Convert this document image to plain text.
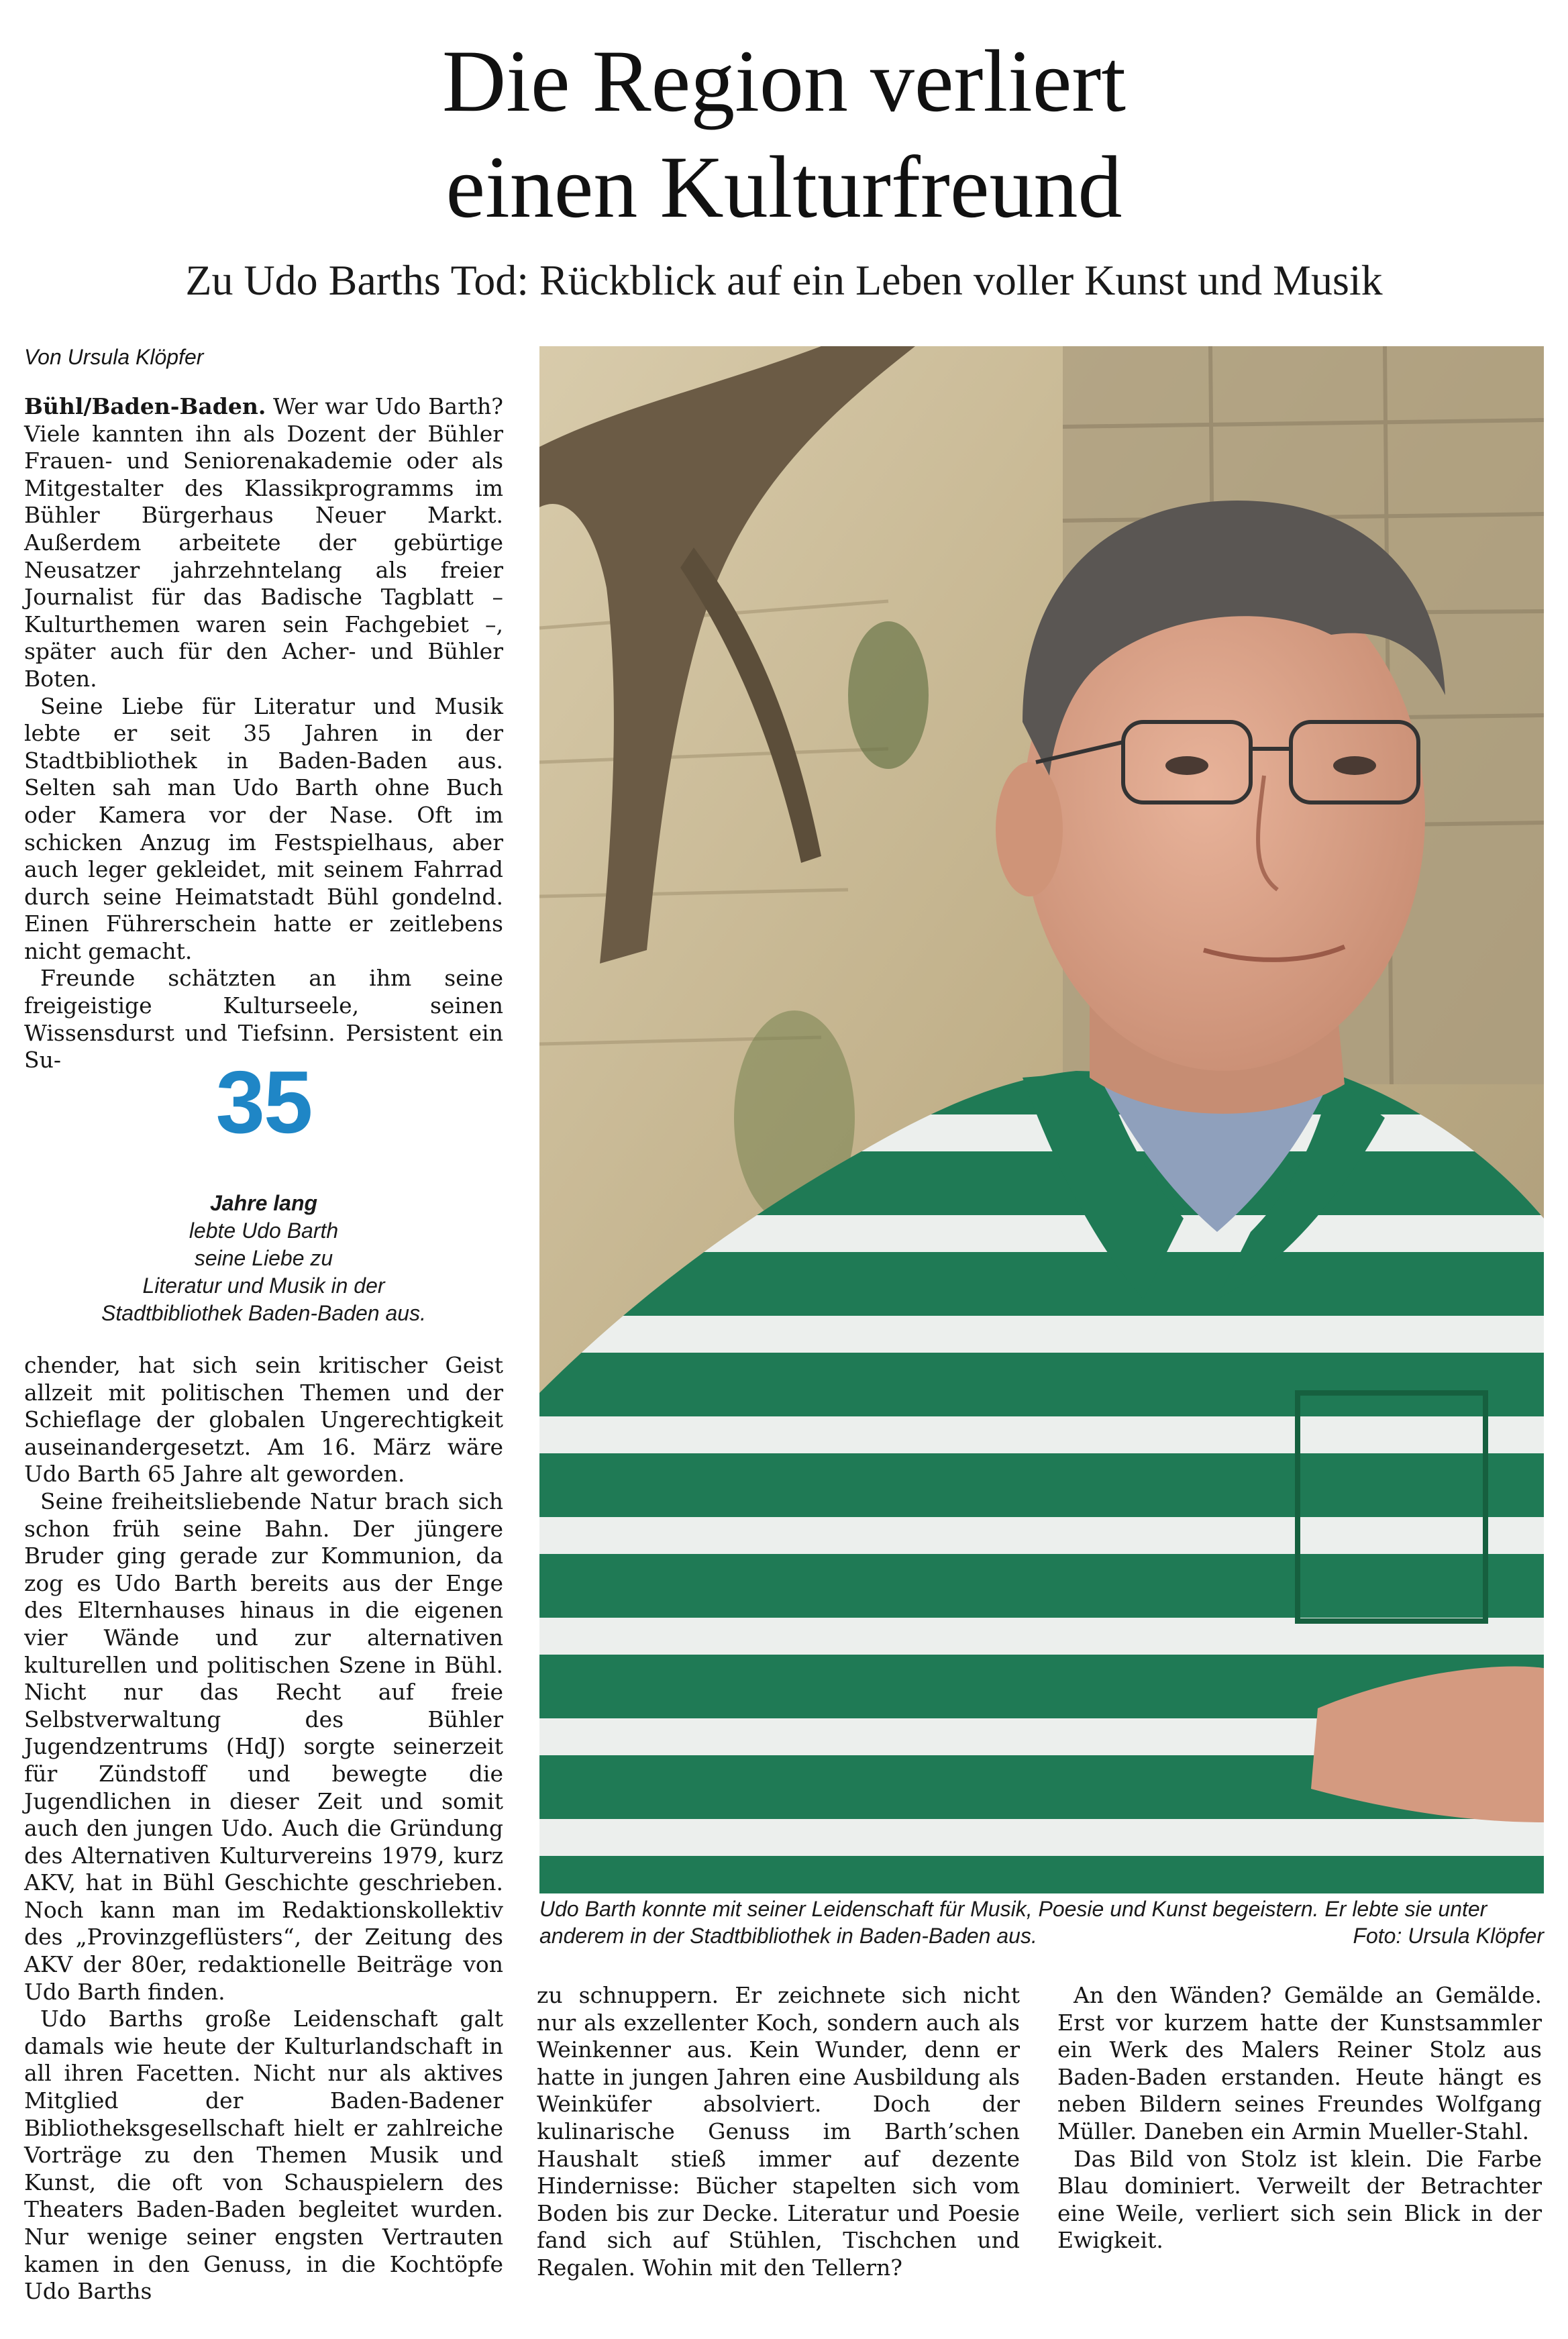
Die Region verliert
einen Kulturfreund
Zu Udo Barths Tod: Rückblick auf ein Leben voller Kunst und Musik
Von Ursula Klöpfer

Bühl/Baden-Baden. Wer war Udo Barth? Viele kannten ihn als Dozent der Bühler Frauen- und Seniorenakademie oder als Mitgestalter des Klassikprogramms im Bühler Bürgerhaus Neuer Markt. Außerdem arbeitete der gebürtige Neusatzer jahrzehntelang als freier Journalist für das Badische Tagblatt – Kulturthemen waren sein Fachgebiet –, später auch für den Acher- und Bühler Boten.

Seine Liebe für Literatur und Musik lebte er seit 35 Jahren in der Stadtbibliothek in Baden-Baden aus. Selten sah man Udo Barth ohne Buch oder Kamera vor der Nase. Oft im schicken Anzug im Festspielhaus, aber auch leger gekleidet, mit seinem Fahrrad durch seine Heimatstadt Bühl gondelnd. Einen Führerschein hatte er zeitlebens nicht gemacht.

Freunde schätzten an ihm seine freigeistige Kulturseele, seinen Wissensdurst und Tiefsinn. Persistent ein Su-	35
Jahre lang
lebte Udo Barth
seine Liebe zu
Literatur und Musik in der
Stadtbibliothek Baden-Baden aus.

chender, hat sich sein kritischer Geist allzeit mit politischen Themen und der Schieflage der globalen Ungerechtigkeit auseinandergesetzt. Am 16. März wäre Udo Barth 65 Jahre alt geworden.

Seine freiheitsliebende Natur brach sich schon früh seine Bahn. Der jüngere Bruder ging gerade zur Kommunion, da zog es Udo Barth bereits aus der Enge des Elternhauses hinaus in die eigenen vier Wände und zur alternativen kulturellen und politischen Szene in Bühl. Nicht nur das Recht auf freie Selbstverwaltung des Bühler Jugendzentrums (HdJ) sorgte seinerzeit für Zündstoff und bewegte die Jugendlichen in dieser Zeit und somit auch den jungen Udo. Auch die Gründung des Alternativen Kulturvereins 1979, kurz AKV, hat in Bühl Geschichte geschrieben. Noch kann man im Redaktionskollektiv des „Provinzgeflüsters“, der Zeitung des AKV der 80er, redaktionelle Beiträge von Udo Barth finden.

Udo Barths große Leidenschaft galt damals wie heute der Kulturlandschaft in all ihren Facetten. Nicht nur als aktives Mitglied der Baden-Badener Bibliotheksgesellschaft hielt er zahlreiche Vorträge zu den Themen Musik und Kunst, die oft von Schauspielern des Theaters Baden-Baden begleitet wurden. Nur wenige seiner engsten Vertrauten kamen in den Genuss, in die Kochtöpfe Udo Barths

Udo Barth konnte mit seiner Leidenschaft für Musik, Poesie und Kunst begeistern. Er lebte sie unter anderem in der Stadtbibliothek in Baden-Baden aus.	Foto: Ursula Klöpfer

zu schnuppern. Er zeichnete sich nicht nur als exzellenter Koch, sondern auch als Weinkenner aus. Kein Wunder, denn er hatte in jungen Jahren eine Ausbildung als Weinküfer absolviert. Doch der kulinarische Genuss im Barth’schen Haushalt stieß immer auf dezente Hindernisse: Bücher stapelten sich vom Boden bis zur Decke. Literatur und Poesie fand sich auf Stühlen, Tischchen und Regalen. Wohin mit den Tellern?

An den Wänden? Gemälde an Gemälde. Erst vor kurzem hatte der Kunstsammler ein Werk des Malers Reiner Stolz aus Baden-Baden erstanden. Heute hängt es neben Bildern seines Freundes Wolfgang Müller. Daneben ein Armin Mueller-Stahl.

Das Bild von Stolz ist klein. Die Farbe Blau dominiert. Verweilt der Betrachter eine Weile, verliert sich sein Blick in der Ewigkeit.
